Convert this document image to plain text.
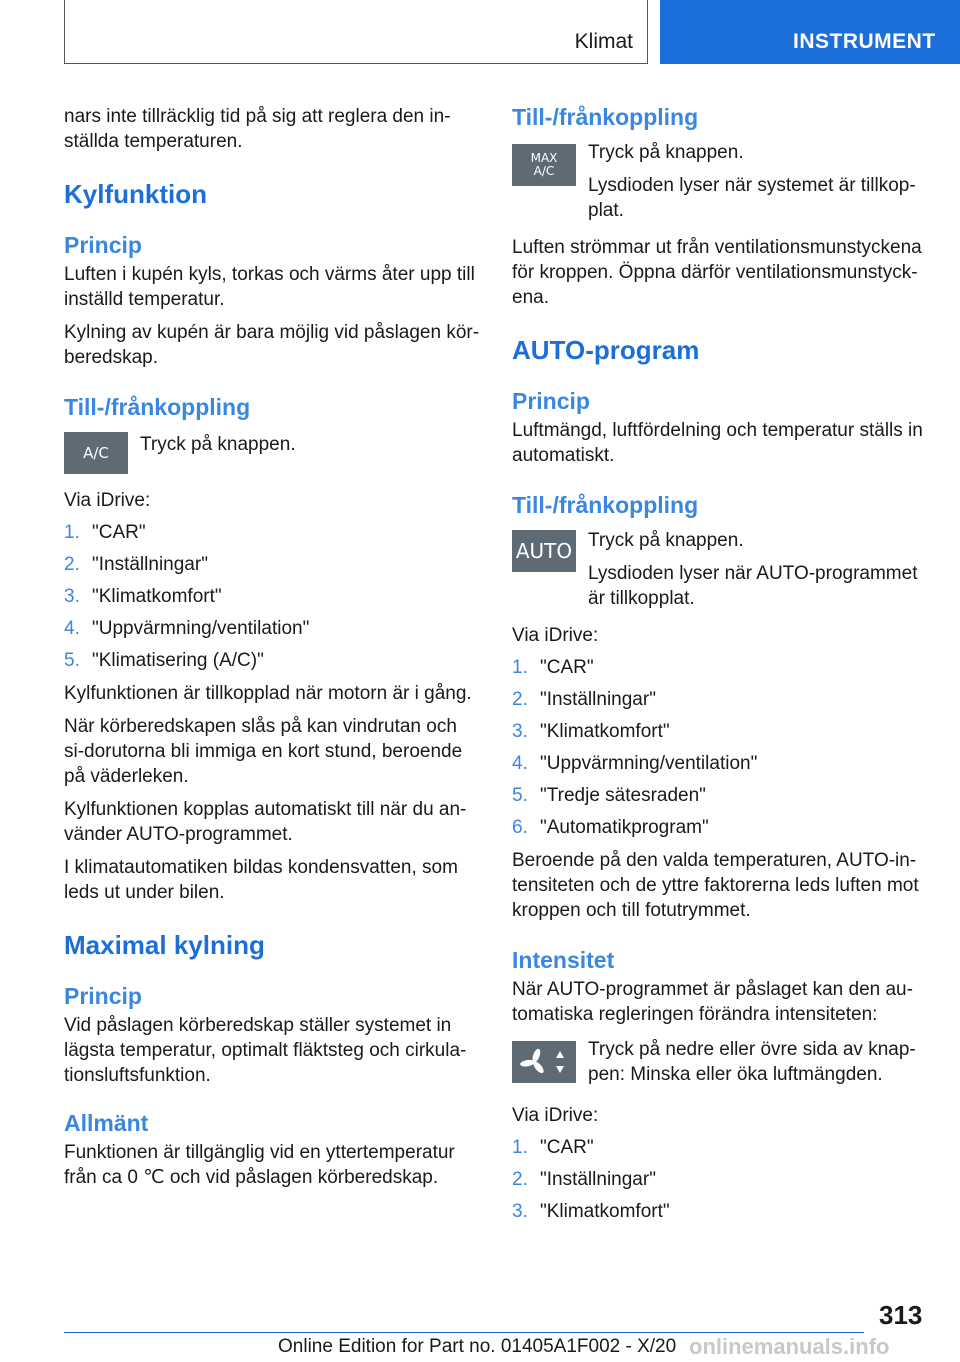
Klimat	INSTRUMENT

nars inte tillräcklig tid på sig att reglera den in-ställda temperaturen.

Kylfunktion
Princip

Luften i kupén kyls, torkas och värms åter upp till inställd temperatur.

Kylning av kupén är bara möjlig vid påslagen kör-beredskap.

Till-/frånkoppling
A/C	Tryck på knappen.

Via iDrive:

1. "CAR"
2. "Inställningar"
3. "Klimatkomfort"
4. "Uppvärmning/ventilation"
5. "Klimatisering (A/C)"

Kylfunktionen är tillkopplad när motorn är i gång.

När körberedskapen slås på kan vindrutan och si-dorutorna bli immiga en kort stund, beroende på väderleken.

Kylfunktionen kopplas automatiskt till när du an-vänder AUTO-programmet.

I klimatautomatiken bildas kondensvatten, som leds ut under bilen.

Maximal kylning
Princip

Vid påslagen körberedskap ställer systemet in lägsta temperatur, optimalt fläktsteg och cirkula-tionsluftsfunktion.

Allmänt

Funktionen är tillgänglig vid en yttertemperatur från ca 0 ℃ och vid påslagen körberedskap.

Till-/frånkoppling
MAX
A/C

Tryck på knappen.

Lysdioden lyser när systemet är tillkop-plat.

Luften strömmar ut från ventilationsmunstyckena för kroppen. Öppna därför ventilationsmunstyck-ena.

AUTO-program
Princip

Luftmängd, luftfördelning och temperatur ställs in automatiskt.

Till-/frånkoppling
AUTO Tryck på knappen.

Lysdioden lyser när AUTO-programmet är tillkopplat.

Via iDrive:

1. "CAR"
2. "Inställningar"
3. "Klimatkomfort"
4. "Uppvärmning/ventilation"
5. "Tredje sätesraden"
6. "Automatikprogram"

Beroende på den valda temperaturen, AUTO-in-tensiteten och de yttre faktorerna leds luften mot kroppen och till fotutrymmet.

Intensitet

När AUTO-programmet är påslaget kan den au-tomatiska regleringen förändra intensiteten:

Tryck på nedre eller övre sida av knap-pen: Minska eller öka luftmängden.

Via iDrive:

1. "CAR"
2. "Inställningar"
3. "Klimatkomfort"
313
Online Edition for Part no. 01405A1F002 - X/20 onlinemanuals.info
